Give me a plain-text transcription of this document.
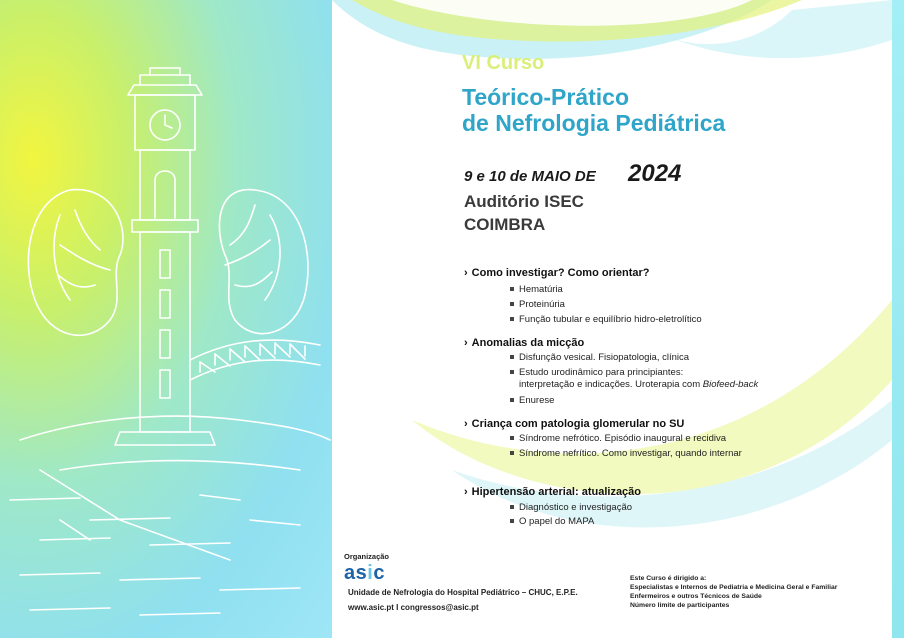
VI Curso
Teórico-Prático
de Nefrologia Pediátrica
9 e 10 de MAIO DE 2024
Auditório ISEC
COIMBRA
› Como investigar? Como orientar?
Hematúria
Proteinúria
Função tubular e equilíbrio hidro-eletrolítico
› Anomalias da micção
Disfunção vesical. Fisiopatologia, clínica
Estudo urodinâmico para principiantes:
interpretação e indicações. Uroterapia com Biofeed-back
Enurese
› Criança com patologia glomerular no SU
Síndrome nefrótico. Episódio inaugural e recidiva
Síndrome nefrítico. Como investigar, quando internar
› Hipertensão arterial: atualização
Diagnóstico e investigação
O papel do MAPA
Organização
asic
Unidade de Nefrologia do Hospital Pediátrico – CHUC, E.P.E.
www.asic.pt I congressos@asic.pt
Este Curso é dirigido a:
Especialistas e Internos de Pediatria e Medicina Geral e Familiar
Enfermeiros e outros Técnicos de Saúde
Número limite de participantes
